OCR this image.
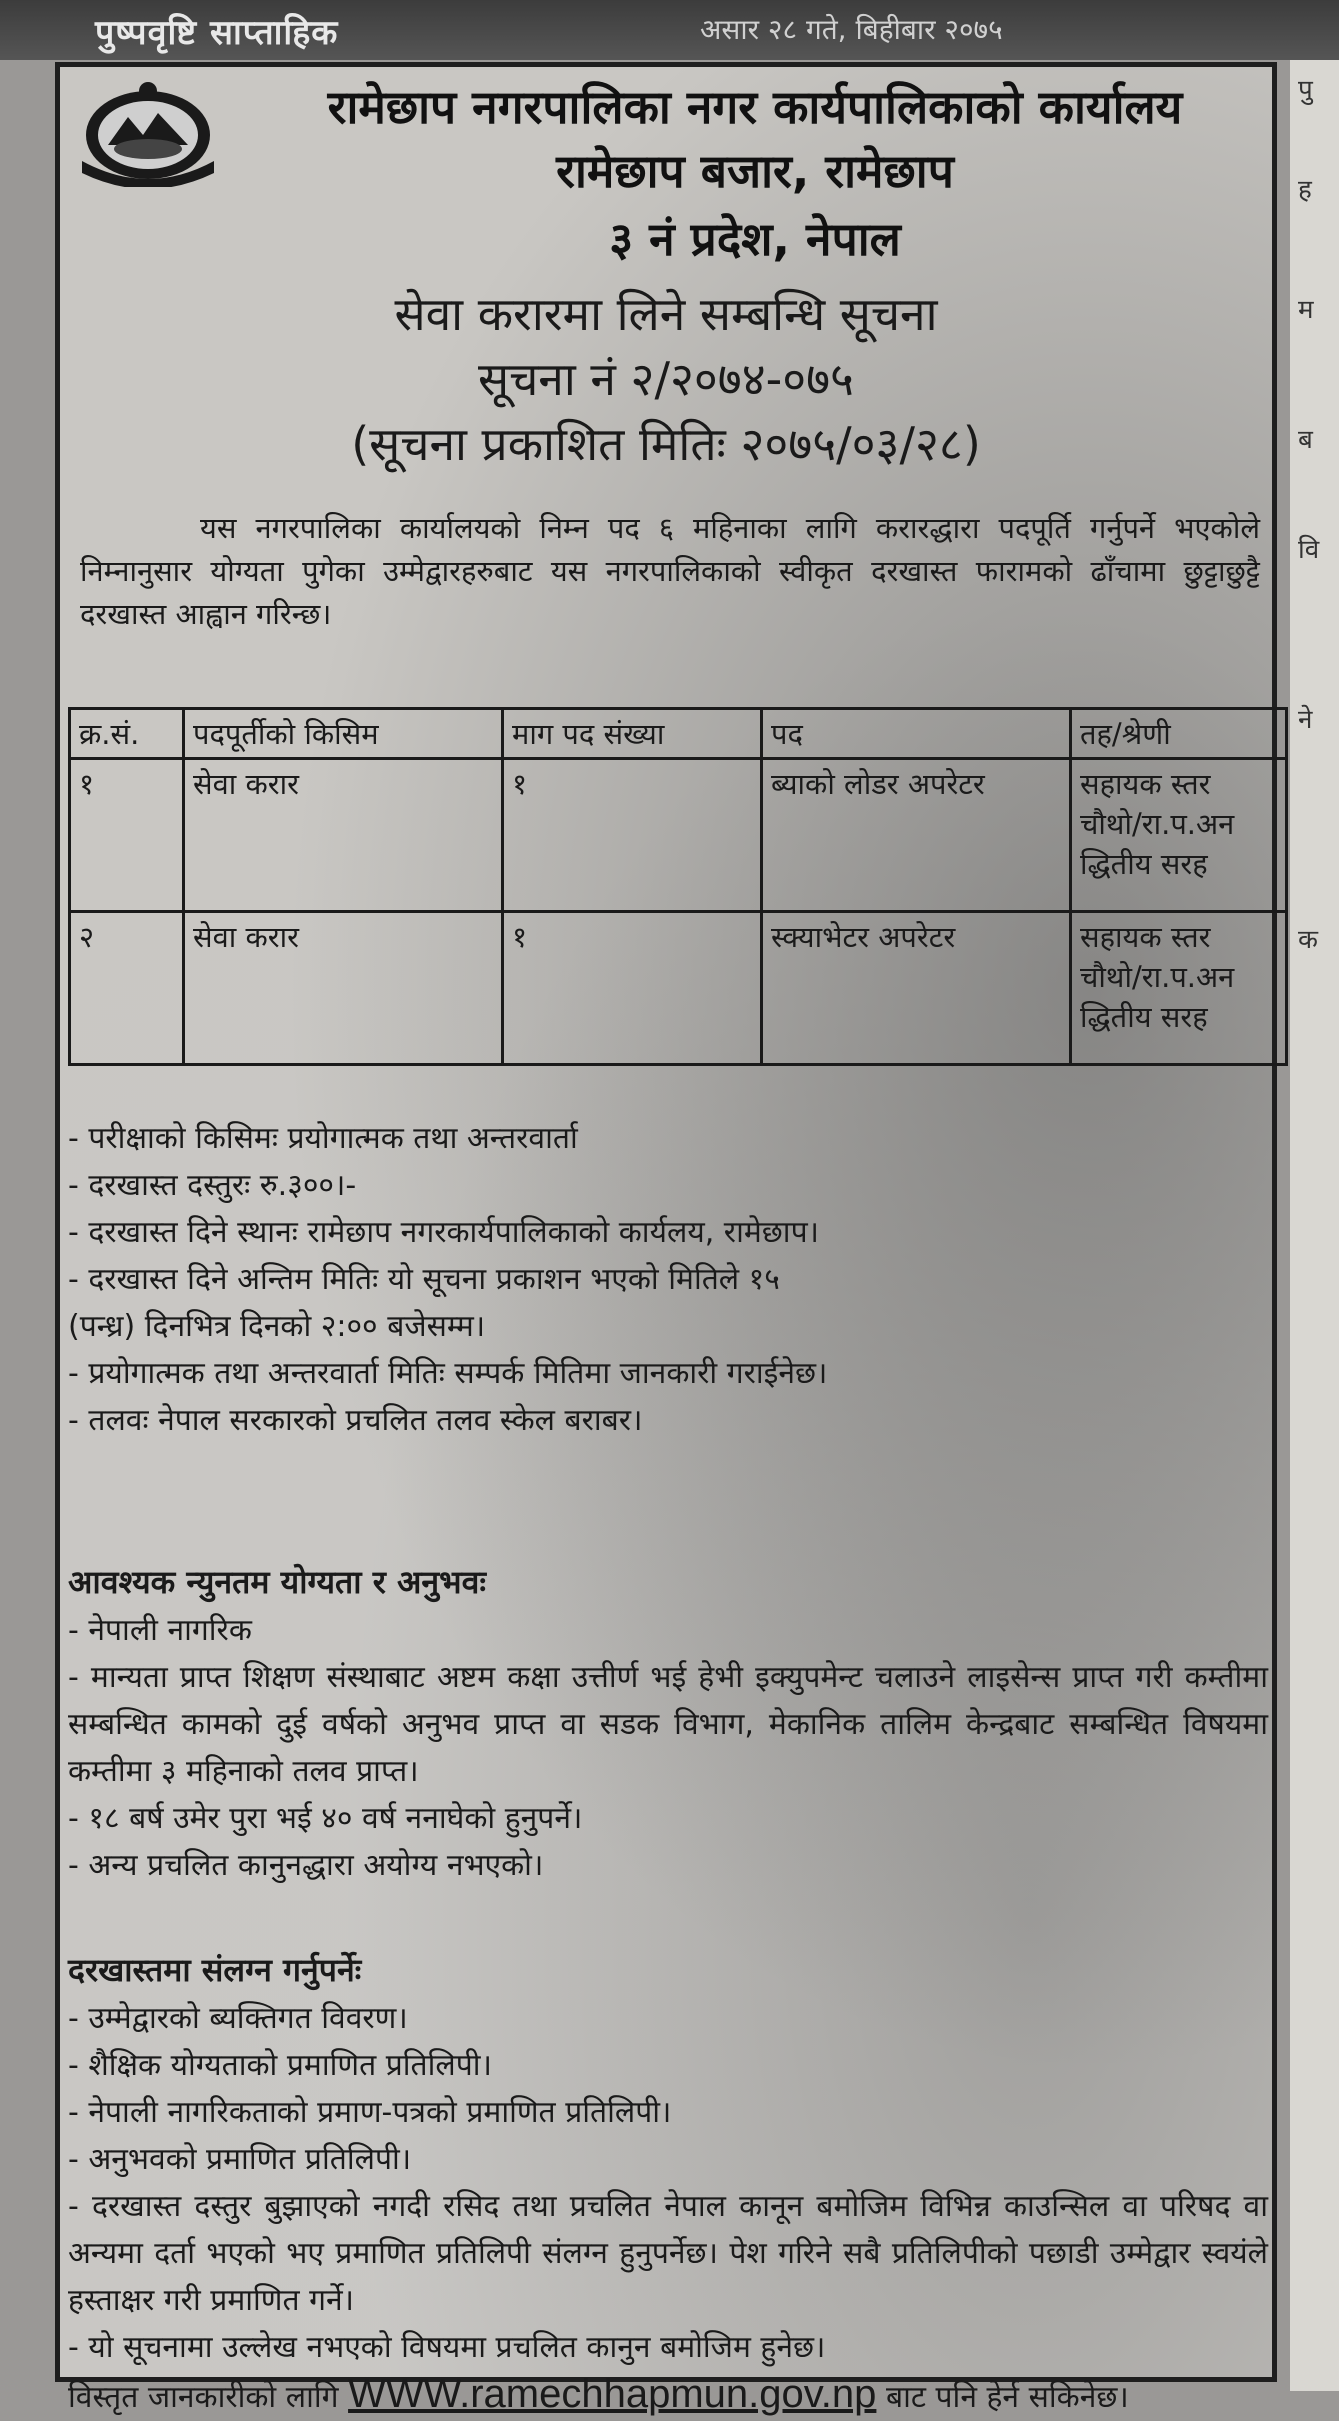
पुष्पवृष्टि साप्ताहिक	असार २८ गते, बिहीबार २०७५
पु
ह
म
ब
वि
ने
क
रामेछाप नगरपालिका नगर कार्यपालिकाको कार्यालय
रामेछाप बजार, रामेछाप
३ नं प्रदेश, नेपाल
सेवा करारमा लिने सम्बन्धि सूचना
सूचना नं २/२०७४-०७५
(सूचना प्रकाशित मितिः २०७५/०३/२८)
यस नगरपालिका कार्यालयको निम्न पद ६ महिनाका लागि करारद्धारा पदपूर्ति गर्नुपर्ने भएकोले निम्नानुसार योग्यता पुगेका उम्मेद्वारहरुबाट यस नगरपालिकाको स्वीकृत दरखास्त फारामको ढाँचामा छुट्टाछुट्टै दरखास्त आह्वान गरिन्छ।
क्र.सं.	पदपूर्तीको किसिम	माग पद संख्या	पद	तह/श्रेणी
१	सेवा करार	१	ब्याको लोडर अपरेटर	सहायक स्तर चौथो/रा.प.अन द्धितीय सरह
२	सेवा करार	१	स्क्याभेटर अपरेटर	सहायक स्तर चौथो/रा.प.अन द्धितीय सरह

- परीक्षाको किसिमः प्रयोगात्मक तथा अन्तरवार्ता

- दरखास्त दस्तुरः रु.३००।-

- दरखास्त दिने स्थानः रामेछाप नगरकार्यपालिकाको कार्यलय, रामेछाप।

- दरखास्त दिने अन्तिम मितिः यो सूचना प्रकाशन भएको मितिले १५

(पन्ध्र) दिनभित्र दिनको २:०० बजेसम्म।

- प्रयोगात्मक तथा अन्तरवार्ता मितिः सम्पर्क मितिमा जानकारी गराईनेछ।

- तलवः नेपाल सरकारको प्रचलित तलव स्केल बराबर।

आवश्यक न्युनतम योग्यता र अनुभवः

- नेपाली नागरिक

- मान्यता प्राप्त शिक्षण संस्थाबाट अष्टम कक्षा उत्तीर्ण भई हेभी इक्युपमेन्ट चलाउने लाइसेन्स प्राप्त गरी कम्तीमा सम्बन्धित कामको दुई वर्षको अनुभव प्राप्त वा सडक विभाग, मेकानिक तालिम केन्द्रबाट सम्बन्धित विषयमा कम्तीमा ३ महिनाको तलव प्राप्त।

- १८ बर्ष उमेर पुरा भई ४० वर्ष ननाघेको हुनुपर्ने।

- अन्य प्रचलित कानुनद्धारा अयोग्य नभएको।

दरखास्तमा संलग्न गर्नुपर्नेः

- उम्मेद्वारको ब्यक्तिगत विवरण।

- शैक्षिक योग्यताको प्रमाणित प्रतिलिपी।

- नेपाली नागरिकताको प्रमाण-पत्रको प्रमाणित प्रतिलिपी।

- अनुभवको प्रमाणित प्रतिलिपी।

- दरखास्त दस्तुर बुझाएको नगदी रसिद तथा प्रचलित नेपाल कानून बमोजिम विभिन्न काउन्सिल वा परिषद वा अन्यमा दर्ता भएको भए प्रमाणित प्रतिलिपी संलग्न हुनुपर्नेछ। पेश गरिने सबै प्रतिलिपीको पछाडी उम्मेद्वार स्वयंले हस्ताक्षर गरी प्रमाणित गर्ने।

- यो सूचनामा उल्लेख नभएको विषयमा प्रचलित कानुन बमोजिम हुनेछ।

विस्तृत जानकारीको लागि WWW.ramechhapmun.gov.np बाट पनि हेर्न सकिनेछ।
